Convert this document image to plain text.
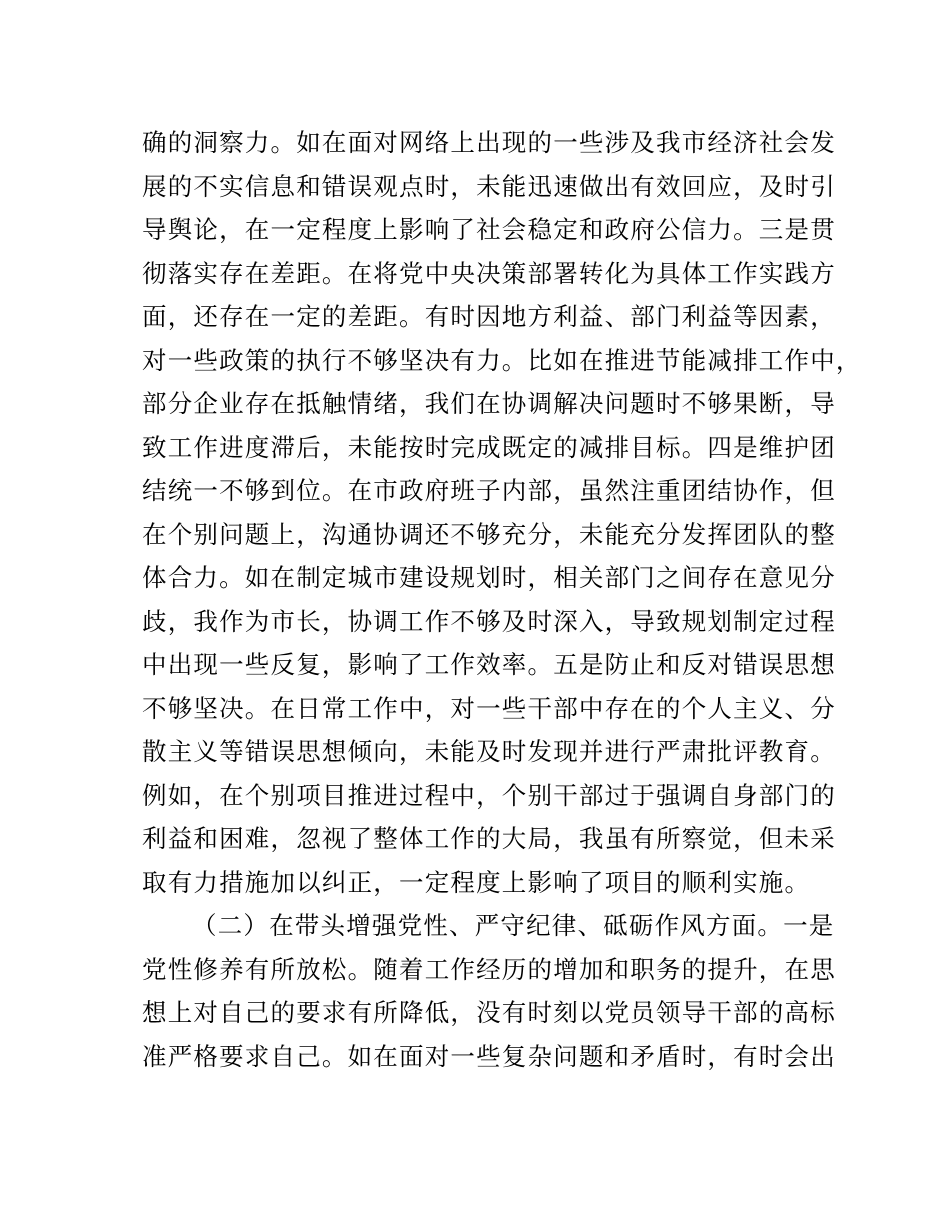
确的洞察力。如在面对网络上出现的一些涉及我市经济社会发
展的不实信息和错误观点时，未能迅速做出有效回应，及时引
导舆论，在一定程度上影响了社会稳定和政府公信力。三是贯
彻落实存在差距。在将党中央决策部署转化为具体工作实践方
面，还存在一定的差距。有时因地方利益、部门利益等因素，
对一些政策的执行不够坚决有力。比如在推进节能减排工作中，
部分企业存在抵触情绪，我们在协调解决问题时不够果断，导
致工作进度滞后，未能按时完成既定的减排目标。四是维护团
结统一不够到位。在市政府班子内部，虽然注重团结协作，但
在个别问题上，沟通协调还不够充分，未能充分发挥团队的整
体合力。如在制定城市建设规划时，相关部门之间存在意见分
歧，我作为市长，协调工作不够及时深入，导致规划制定过程
中出现一些反复，影响了工作效率。五是防止和反对错误思想
不够坚决。在日常工作中，对一些干部中存在的个人主义、分
散主义等错误思想倾向，未能及时发现并进行严肃批评教育。
例如，在个别项目推进过程中，个别干部过于强调自身部门的
利益和困难，忽视了整体工作的大局，我虽有所察觉，但未采
取有力措施加以纠正，一定程度上影响了项目的顺利实施。
（二）在带头增强党性、严守纪律、砥砺作风方面。一是
党性修养有所放松。随着工作经历的增加和职务的提升，在思
想上对自己的要求有所降低，没有时刻以党员领导干部的高标
准严格要求自己。如在面对一些复杂问题和矛盾时，有时会出
